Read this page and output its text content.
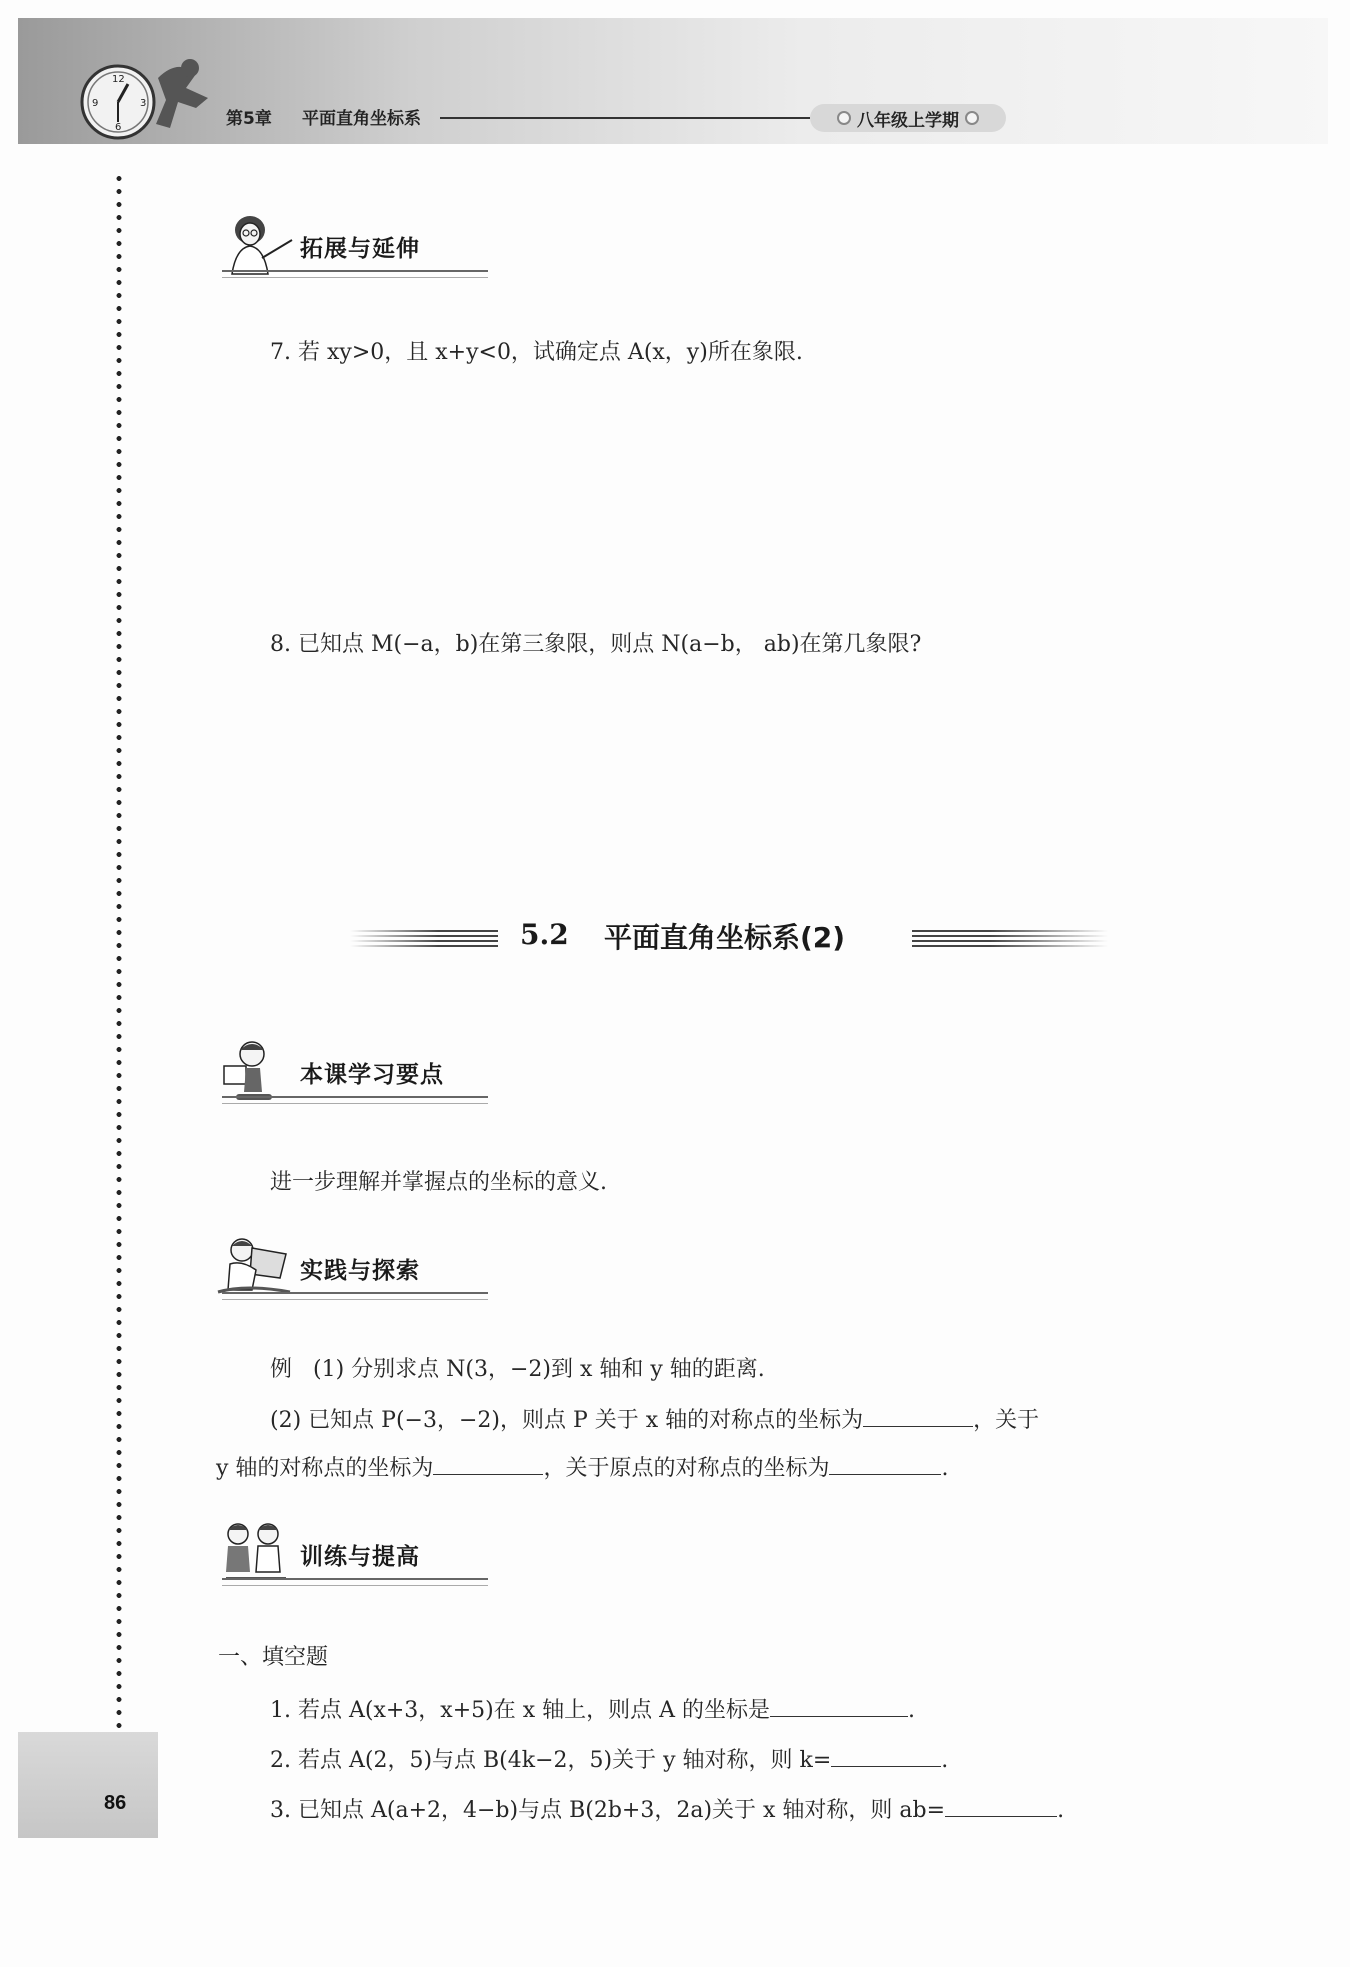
12
3
6
9
第5章 平面直角坐标系	八年级上学期
拓展与延伸
7. 若 xy>0，且 x+y<0，试确定点 A(x，y)所在象限.
8. 已知点 M(−a，b)在第三象限，则点 N(a−b， ab)在第几象限?
5.2 平面直角坐标系(2)
本课学习要点
进一步理解并掌握点的坐标的意义.
实践与探索
例 (1) 分别求点 N(3，−2)到 x 轴和 y 轴的距离.
(2) 已知点 P(−3，−2)，则点 P 关于 x 轴的对称点的坐标为	，关于
y 轴的对称点的坐标为	，关于原点的对称点的坐标为	.
训练与提高
一、填空题
1. 若点 A(x+3，x+5)在 x 轴上，则点 A 的坐标是	.
2. 若点 A(2，5)与点 B(4k−2，5)关于 y 轴对称，则 k=	.
3. 已知点 A(a+2，4−b)与点 B(2b+3，2a)关于 x 轴对称，则 ab=	.
86
